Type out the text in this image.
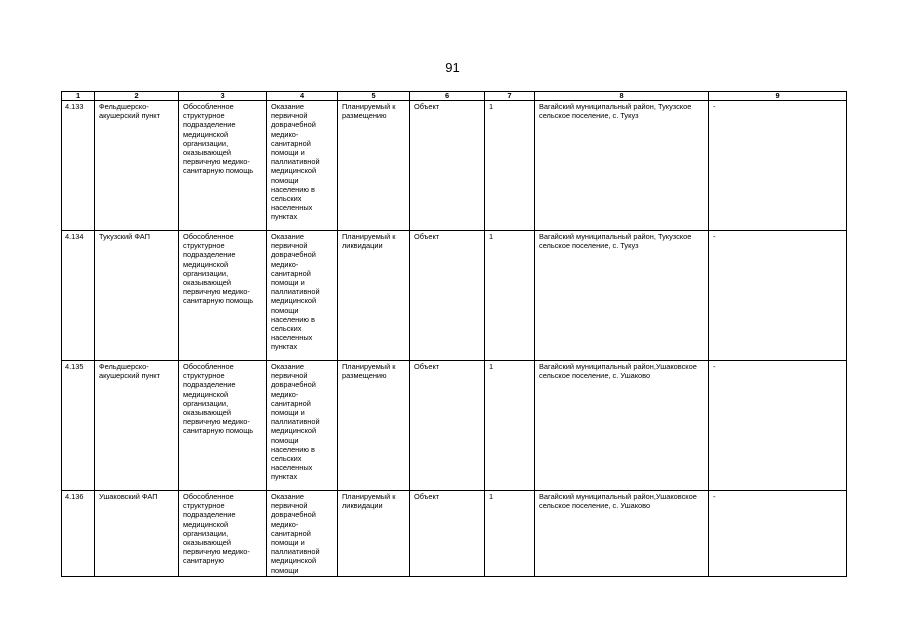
91
1	2	3	4	5	6	7	8	9
4.133	Фельдшерско-акушерский пункт	Обособленное структурное подразделение медицинской организации, оказывающей первичную медико-санитарную помощь	Оказание первичной доврачебной медико-санитарной помощи и паллиативной медицинской помощи населению в сельских населенных пунктах	Планируемый к размещению	Объект	1	Вагайский муниципальный район, Тукузское сельское поселение, с. Тукуз	-
4.134	Тукузский ФАП	Обособленное структурное подразделение медицинской организации, оказывающей первичную медико-санитарную помощь	Оказание первичной доврачебной медико-санитарной помощи и паллиативной медицинской помощи населению в сельских населенных пунктах	Планируемый к ликвидации	Объект	1	Вагайский муниципальный район, Тукузское сельское поселение, с. Тукуз	-
4.135	Фельдшерско-акушерский пункт	Обособленное структурное подразделение медицинской организации, оказывающей первичную медико-санитарную помощь	Оказание первичной доврачебной медико-санитарной помощи и паллиативной медицинской помощи населению в сельских населенных пунктах	Планируемый к размещению	Объект	1	Вагайский муниципальный район,Ушаковское сельское поселение, с. Ушаково	-
4.136	Ушаковский ФАП	Обособленное структурное подразделение медицинской организации, оказывающей первичную медико-санитарную	Оказание первичной доврачебной медико-санитарной помощи и паллиативной медицинской помощи	Планируемый к ликвидации	Объект	1	Вагайский муниципальный район,Ушаковское сельское поселение, с. Ушаково	-
